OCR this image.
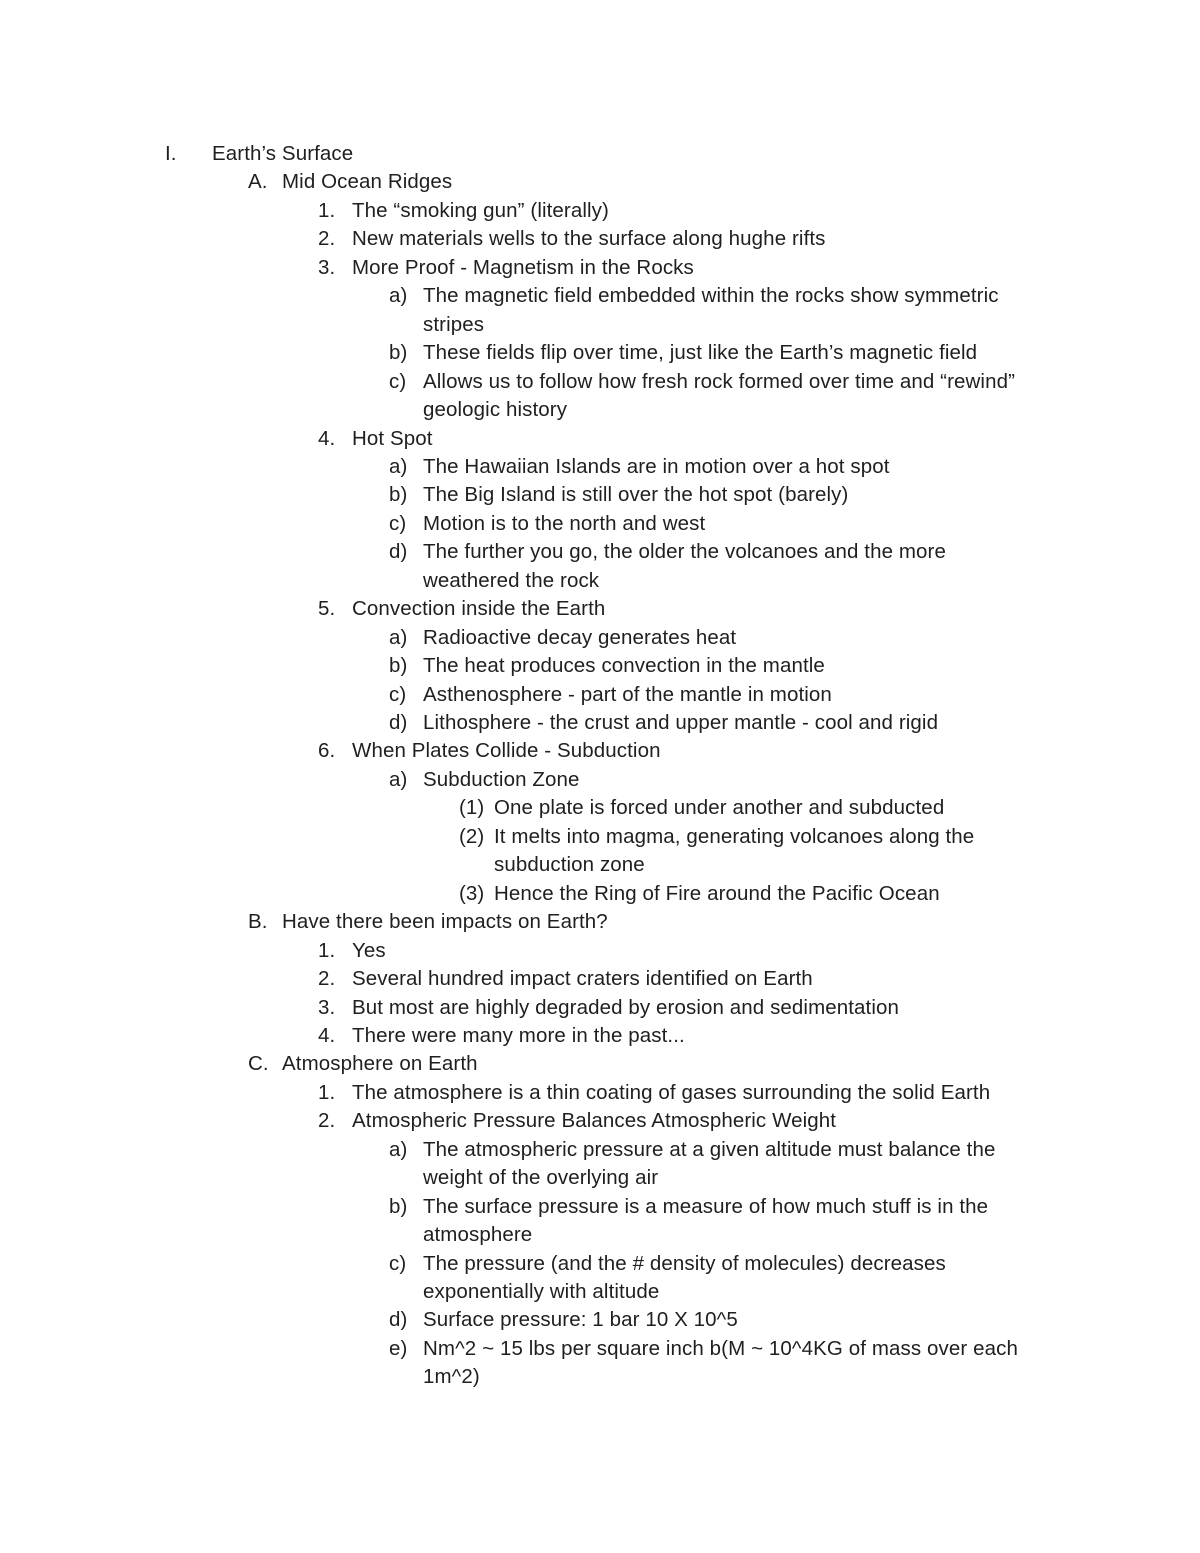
I. Earth’s Surface
A. Mid Ocean Ridges
1. The “smoking gun” (literally)
2. New materials wells to the surface along hughe rifts
3. More Proof - Magnetism in the Rocks
a) The magnetic field embedded within the rocks show symmetric
stripes
b) These fields flip over time, just like the Earth’s magnetic field
c) Allows us to follow how fresh rock formed over time and “rewind”
geologic history
4. Hot Spot
a) The Hawaiian Islands are in motion over a hot spot
b) The Big Island is still over the hot spot (barely)
c) Motion is to the north and west
d) The further you go, the older the volcanoes and the more
weathered the rock
5. Convection inside the Earth
a) Radioactive decay generates heat
b) The heat produces convection in the mantle
c) Asthenosphere - part of the mantle in motion
d) Lithosphere - the crust and upper mantle - cool and rigid
6. When Plates Collide - Subduction
a) Subduction Zone
(1) One plate is forced under another and subducted
(2) It melts into magma, generating volcanoes along the
subduction zone
(3) Hence the Ring of Fire around the Pacific Ocean
B. Have there been impacts on Earth?
1. Yes
2. Several hundred impact craters identified on Earth
3. But most are highly degraded by erosion and sedimentation
4. There were many more in the past...
C. Atmosphere on Earth
1. The atmosphere is a thin coating of gases surrounding the solid Earth
2. Atmospheric Pressure Balances Atmospheric Weight
a) The atmospheric pressure at a given altitude must balance the
weight of the overlying air
b) The surface pressure is a measure of how much stuff is in the
atmosphere
c) The pressure (and the # density of molecules) decreases
exponentially with altitude
d) Surface pressure: 1 bar 10 X 10^5
e) Nm^2 ~ 15 lbs per square inch b(M ~ 10^4KG of mass over each
1m^2)
